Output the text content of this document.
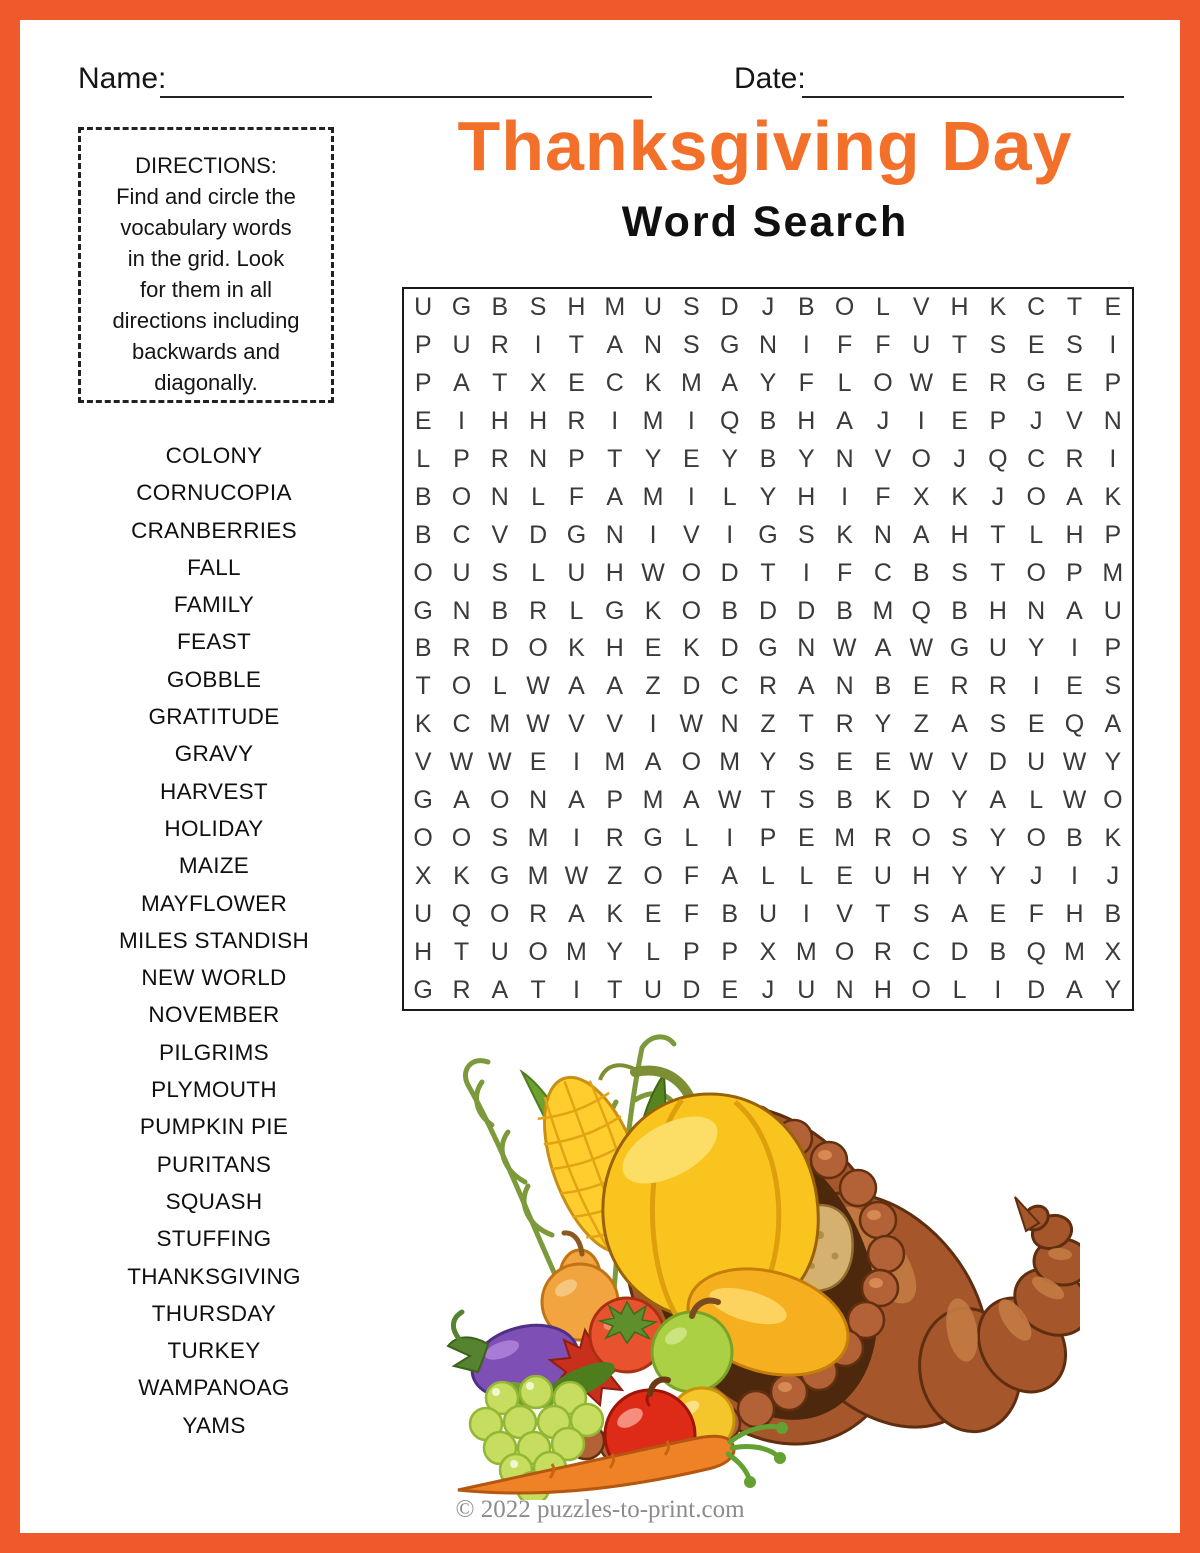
Name:	Date:
DIRECTIONS:
Find and circle the
vocabulary words
in the grid. Look
for them in all
directions including
backwards and
diagonally.
Thanksgiving Day
Word Search
U G B S H M U S D J B O L V H K C T E
P U R	I	T A N S G N	I	F F U T S E S	I
P A T X E C K M A Y F L O W E R G E P
E	I	H H R	I M I	Q B H A J	I	E P J V N
L P R N P T Y E Y B Y N V O J Q C R	I
B O N L F A M I	L Y H	I	F X K J O A K
B C V D G N	I	V	I	G S K N A H T L H P
O U S L U H W O D T	I	F C B S T O P M
G N B R L G K O B D D B M Q B H N A U
B R D O K H E K D G N W A W G U Y	I	P
T O L W A A Z D C R A N B E R R	I	E S
K C M W V V	I W N Z T R Y Z A S E Q A
V W W E	I M A O M Y S E E W V D U W Y
G A O N A P M A W T S B K D Y A L W O
O O S M I	R G L	I	P E M R O S Y O B K
X K G M W Z O F A L L E U H Y Y J	I	J
U Q O R A K E F B U	I	V T S A E F H B
H T U O M Y L P P X M O R C D B Q M X
G R A T	I	T U D E J U N H O L	I	D A Y
COLONY
CORNUCOPIA
CRANBERRIES
FALL
FAMILY
FEAST
GOBBLE
GRATITUDE
GRAVY
HARVEST
HOLIDAY
MAIZE
MAYFLOWER
MILES STANDISH
NEW WORLD
NOVEMBER
PILGRIMS
PLYMOUTH
PUMPKIN PIE
PURITANS
SQUASH
STUFFING
THANKSGIVING
THURSDAY
TURKEY
WAMPANOAG
YAMS
© 2022 puzzles-to-print.com
